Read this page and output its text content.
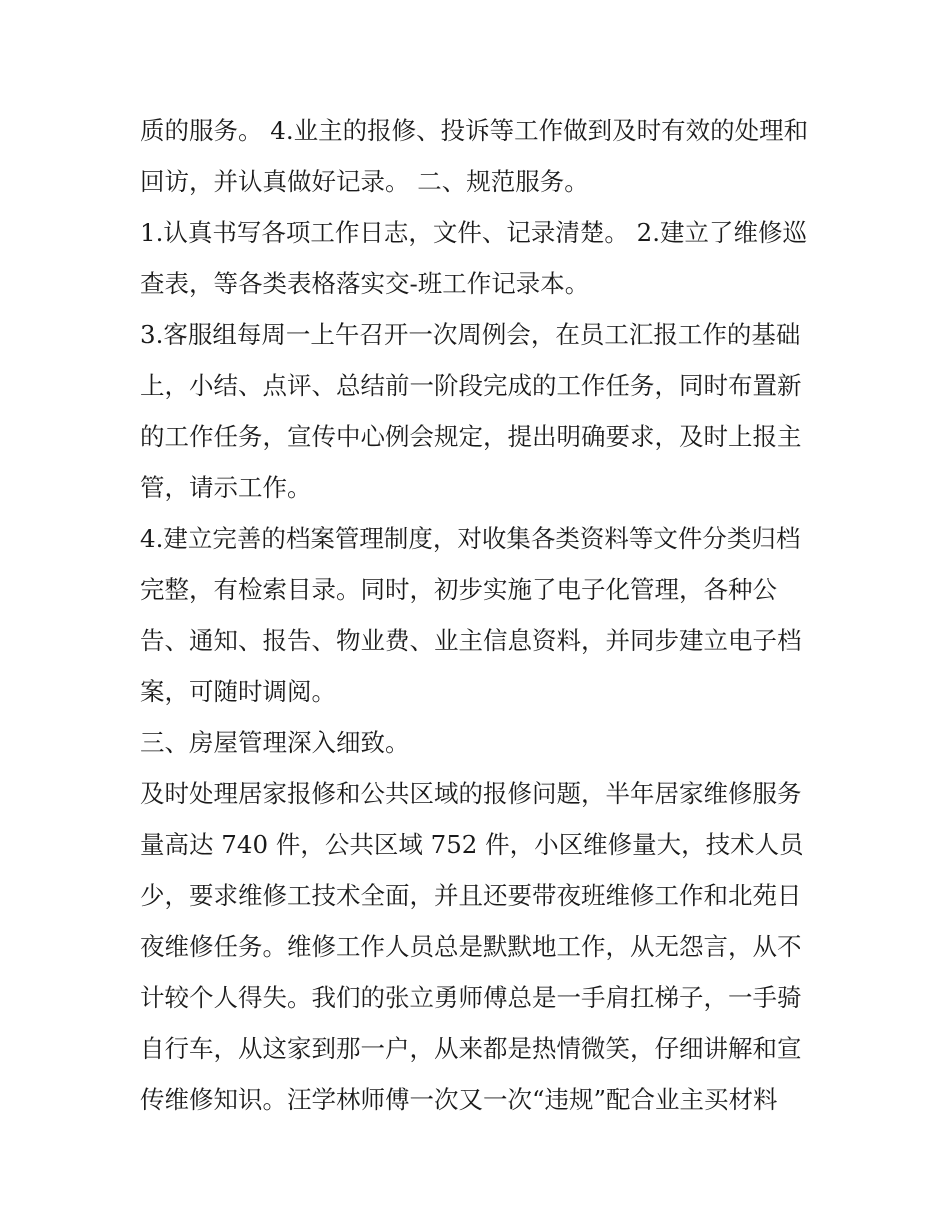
质的服务。 4.业主的报修、投诉等工作做到及时有效的处理和
回访，并认真做好记录。 二、规范服务。
1.认真书写各项工作日志，文件、记录清楚。 2.建立了维修巡
查表，等各类表格落实交-班工作记录本。
3.客服组每周一上午召开一次周例会，在员工汇报工作的基础
上，小结、点评、总结前一阶段完成的工作任务，同时布置新
的工作任务，宣传中心例会规定，提出明确要求，及时上报主
管，请示工作。
4.建立完善的档案管理制度，对收集各类资料等文件分类归档
完整，有检索目录。同时，初步实施了电子化管理，各种公
告、通知、报告、物业费、业主信息资料，并同步建立电子档
案，可随时调阅。
三、房屋管理深入细致。
及时处理居家报修和公共区域的报修问题，半年居家维修服务
量高达 740 件，公共区域 752 件，小区维修量大，技术人员
少，要求维修工技术全面，并且还要带夜班维修工作和北苑日
夜维修任务。维修工作人员总是默默地工作，从无怨言，从不
计较个人得失。我们的张立勇师傅总是一手肩扛梯子，一手骑
自行车，从这家到那一户，从来都是热情微笑，仔细讲解和宣
传维修知识。汪学林师傅一次又一次“违规”配合业主买材料
